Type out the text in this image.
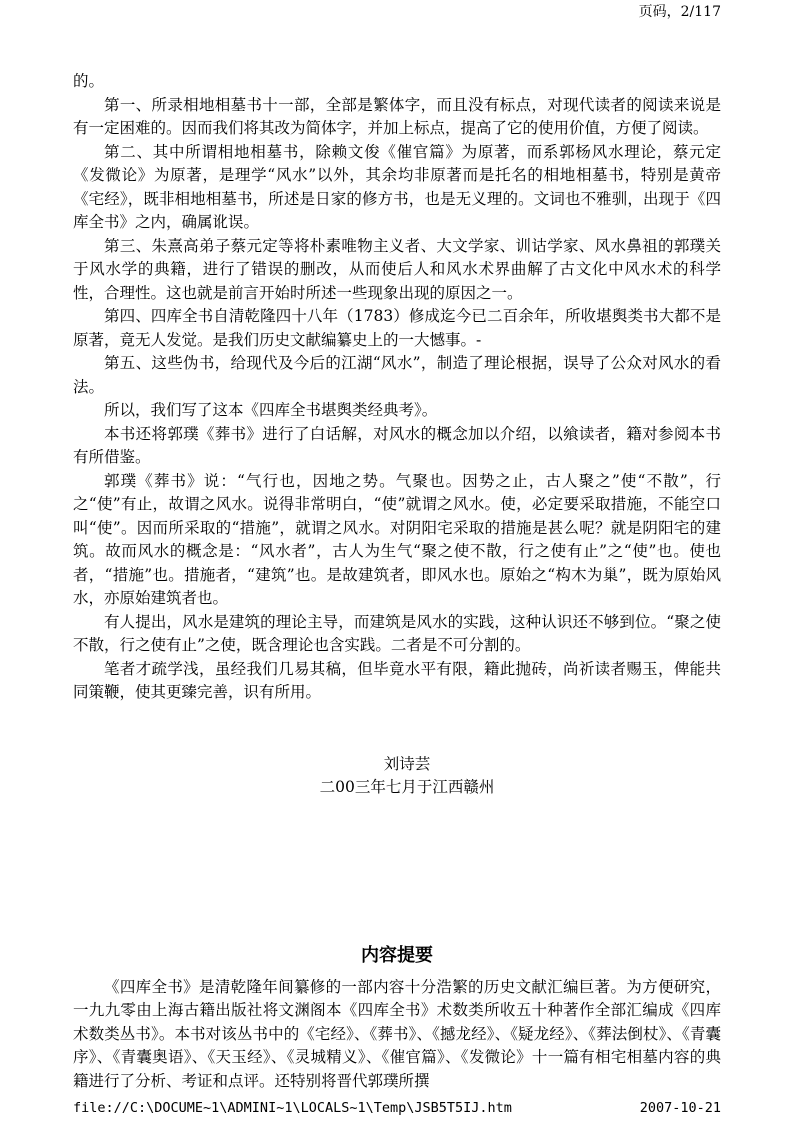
页码，2/117

的。

第一、所录相地相墓书十一部，全部是繁体字，而且没有标点，对现代读者的阅读来说是有一定困难的。因而我们将其改为简体字，并加上标点，提高了它的使用价值，方便了阅读。

第二、其中所谓相地相墓书，除赖文俊《催官篇》为原著，而系郭杨风水理论，蔡元定《发微论》为原著，是理学“风水”以外，其余均非原著而是托名的相地相墓书，特别是黄帝《宅经》，既非相地相墓书，所述是日家的修方书，也是无义理的。文词也不雅驯，出现于《四库全书》之内，确属讹误。

第三、朱熹高弟子蔡元定等将朴素唯物主义者、大文学家、训诂学家、风水鼻祖的郭璞关于风水学的典籍，进行了错误的删改，从而使后人和风水术界曲解了古文化中风水术的科学性，合理性。这也就是前言开始时所述一些现象出现的原因之一。

第四、四库全书自清乾隆四十八年（1783）修成迄今已二百余年，所收堪舆类书大都不是原著，竟无人发觉。是我们历史文献编纂史上的一大憾事。-

第五、这些伪书，给现代及今后的江湖“风水”，制造了理论根据，误导了公众对风水的看法。

所以，我们写了这本《四库全书堪舆类经典考》。

本书还将郭璞《葬书》进行了白话解，对风水的概念加以介绍，以飨读者，籍对参阅本书有所借鉴。

郭璞《葬书》说：“气行也，因地之势。气聚也。因势之止，古人聚之”使“不散”，行之“使”有止，故谓之风水。说得非常明白，“使”就谓之风水。使，必定要采取措施，不能空口叫“使”。因而所采取的“措施”，就谓之风水。对阴阳宅采取的措施是甚么呢？就是阴阳宅的建筑。故而风水的概念是：“风水者”，古人为生气“聚之使不散，行之使有止”之“使”也。使也者，“措施”也。措施者，“建筑”也。是故建筑者，即风水也。原始之“构木为巢”，既为原始风水，亦原始建筑者也。

有人提出，风水是建筑的理论主导，而建筑是风水的实践，这种认识还不够到位。“聚之使不散，行之使有止”之使，既含理论也含实践。二者是不可分割的。

笔者才疏学浅，虽经我们几易其稿，但毕竟水平有限，籍此抛砖，尚祈读者赐玉，俾能共同策鞭，使其更臻完善，识有所用。

刘诗芸

二00三年七月于江西赣州

内容提要

《四库全书》是清乾隆年间纂修的一部内容十分浩繁的历史文献汇编巨著。为方便研究，一九九零由上海古籍出版社将文渊阁本《四库全书》术数类所收五十种著作全部汇编成《四库术数类丛书》。本书对该丛书中的《宅经》、《葬书》、《撼龙经》、《疑龙经》、《葬法倒杖》、《青囊序》、《青囊奥语》、《天玉经》、《灵城精义》、《催官篇》、《发微论》十一篇有相宅相墓内容的典籍进行了分析、考证和点评。还特别将晋代郭璞所撰

file://C:\DOCUME~1\ADMINI~1\LOCALS~1\Temp\JSB5T5IJ.htm	2007-10-21
